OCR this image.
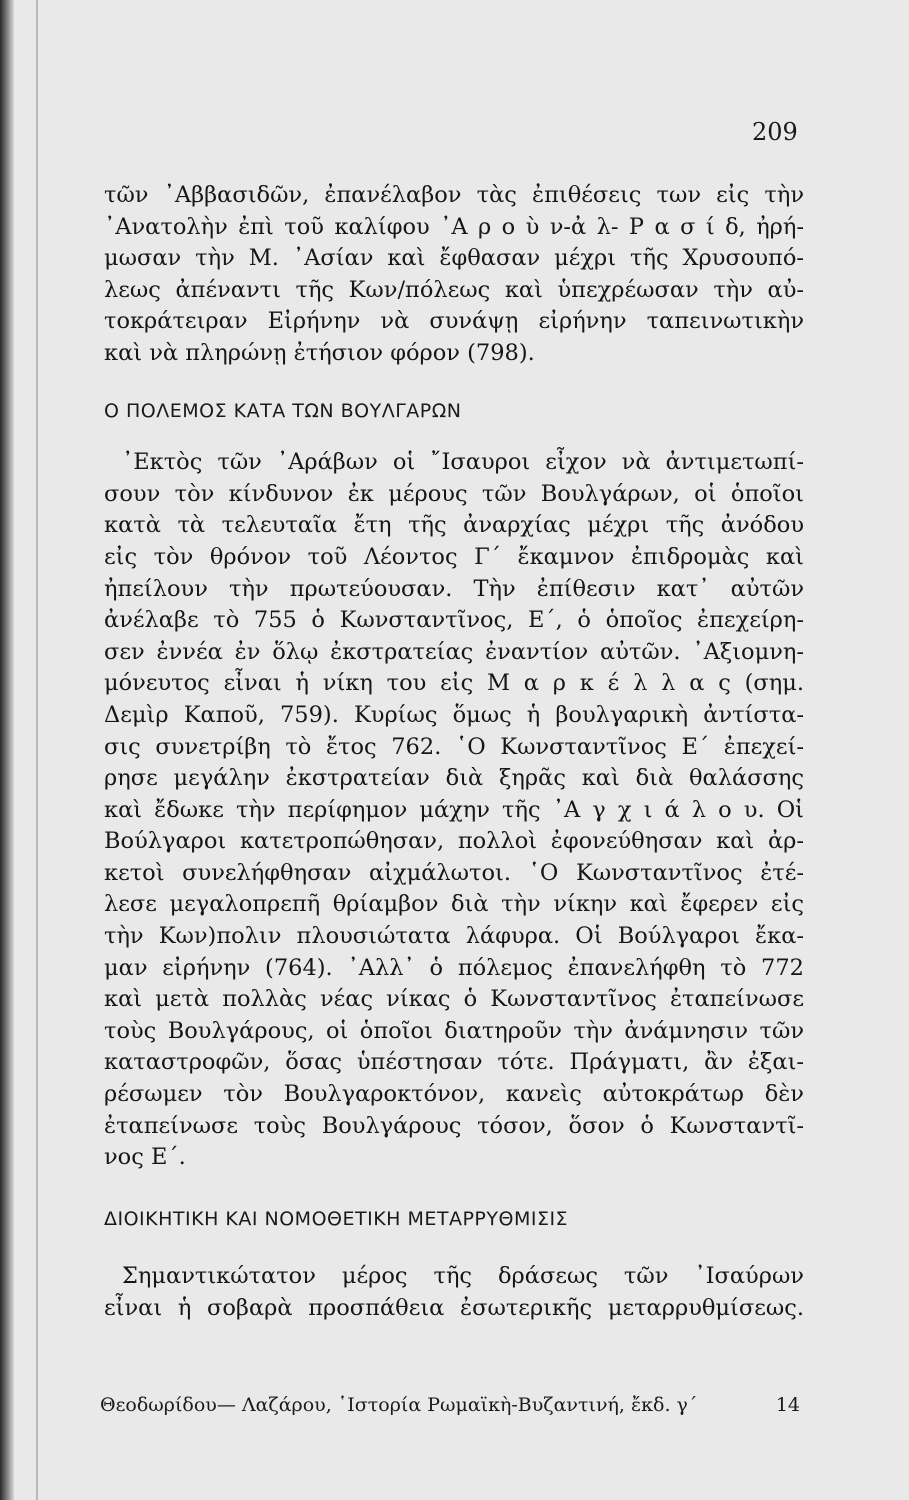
209
τῶν ᾿Αββασιδῶν, ἐπανέλαβον τὰς ἐπιθέσεις των εἰς τὴν
᾿Ανατολὴν ἐπὶ τοῦ καλίφου ᾿Α ρ ο ὺ ν-ἀ λ- Ρ α σ ί δ, ἠρή-
μωσαν τὴν Μ. ᾿Ασίαν καὶ ἔφθασαν μέχρι τῆς Χρυσουπό-
λεως ἀπέναντι τῆς Κων/πόλεως καὶ ὑπεχρέωσαν τὴν αὐ-
τοκράτειραν Εἰρήνην νὰ συνάψῃ εἰρήνην ταπεινωτικὴν
καὶ νὰ πληρώνῃ ἐτήσιον φόρον (798).
Ο ΠΟΛΕΜΟΣ ΚΑΤΑ ΤΩΝ ΒΟΥΛΓΑΡΩΝ
᾿Εκτὸς τῶν ᾿Αράβων οἱ ῎Ισαυροι εἶχον νὰ ἀντιμετωπί-
σουν τὸν κίνδυνον ἐκ μέρους τῶν Βουλγάρων, οἱ ὁποῖοι
κατὰ τὰ τελευταῖα ἔτη τῆς ἀναρχίας μέχρι τῆς ἀνόδου
εἰς τὸν θρόνον τοῦ Λέοντος Γ´ ἔκαμνον ἐπιδρομὰς καὶ
ἠπείλουν τὴν πρωτεύουσαν. Τὴν ἐπίθεσιν κατ᾿ αὐτῶν
ἀνέλαβε τὸ 755 ὁ Κωνσταντῖνος, Ε´, ὁ ὁποῖος ἐπεχείρη-
σεν ἐννέα ἐν ὅλῳ ἐκστρατείας ἐναντίον αὐτῶν. ᾿Αξιομνη-
μόνευτος εἶναι ἡ νίκη του εἰς Μ α ρ κ έ λ λ α ς (σημ.
Δεμὶρ Καποῦ, 759). Κυρίως ὅμως ἡ βουλγαρικὴ ἀντίστα-
σις συνετρίβη τὸ ἔτος 762. ῾Ο Κωνσταντῖνος Ε´ ἐπεχεί-
ρησε μεγάλην ἐκστρατείαν διὰ ξηρᾶς καὶ διὰ θαλάσσης
καὶ ἔδωκε τὴν περίφημον μάχην τῆς ᾿Α γ χ ι ά λ ο υ. Οἱ
Βούλγαροι κατετροπώθησαν, πολλοὶ ἐφονεύθησαν καὶ ἀρ-
κετοὶ συνελήφθησαν αἰχμάλωτοι. ῾Ο Κωνσταντῖνος ἐτέ-
λεσε μεγαλοπρεπῆ θρίαμβον διὰ τὴν νίκην καὶ ἔφερεν εἰς
τὴν Κων)πολιν πλουσιώτατα λάφυρα. Οἱ Βούλγαροι ἔκα-
μαν εἰρήνην (764). ᾿Αλλ᾿ ὁ πόλεμος ἐπανελήφθη τὸ 772
καὶ μετὰ πολλὰς νέας νίκας ὁ Κωνσταντῖνος ἐταπείνωσε
τοὺς Βουλγάρους, οἱ ὁποῖοι διατηροῦν τὴν ἀνάμνησιν τῶν
καταστροφῶν, ὅσας ὑπέστησαν τότε. Πράγματι, ἂν ἐξαι-
ρέσωμεν τὸν Βουλγαροκτόνον, κανεὶς αὐτοκράτωρ δὲν
ἐταπείνωσε τοὺς Βουλγάρους τόσον, ὅσον ὁ Κωνσταντῖ-
νος Ε´.
ΔΙΟΙΚΗΤΙΚΗ ΚΑΙ ΝΟΜΟΘΕΤΙΚΗ ΜΕΤΑΡΡΥΘΜΙΣΙΣ
Σημαντικώτατον μέρος τῆς δράσεως τῶν ᾿Ισαύρων
εἶναι ἡ σοβαρὰ προσπάθεια ἐσωτερικῆς μεταρρυθμίσεως.
Θεοδωρίδου— Λαζάρου, ῾Ιστορία Ρωμαϊκὴ-Βυζαντινή, ἔκδ. γ´	14
